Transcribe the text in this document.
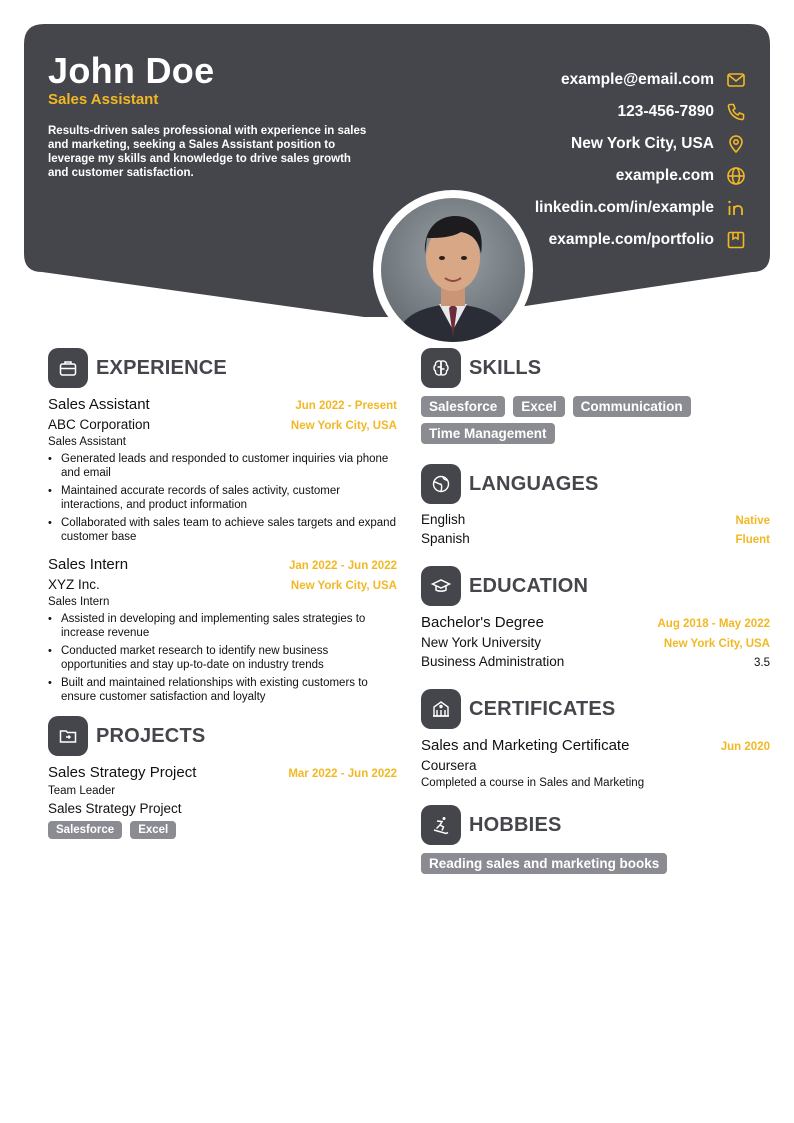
John Doe
Sales Assistant
Results-driven sales professional with experience in sales and marketing, seeking a Sales Assistant position to leverage my skills and knowledge to drive sales growth and customer satisfaction.
example@email.com
123-456-7890
New York City, USA
example.com
linkedin.com/in/example
example.com/portfolio
EXPERIENCE
Sales Assistant	Jun 2022 - Present
ABC Corporation	New York City, USA
Sales Assistant
• Generated leads and responded to customer inquiries via phone and email
• Maintained accurate records of sales activity, customer interactions, and product information
• Collaborated with sales team to achieve sales targets and expand customer base
Sales Intern	Jan 2022 - Jun 2022
XYZ Inc.	New York City, USA
Sales Intern
• Assisted in developing and implementing sales strategies to increase revenue
• Conducted market research to identify new business opportunities and stay up-to-date on industry trends
• Built and maintained relationships with existing customers to ensure customer satisfaction and loyalty
PROJECTS
Sales Strategy Project	Mar 2022 - Jun 2022
Team Leader
Sales Strategy Project
Salesforce	Excel
SKILLS
Salesforce	Excel	Communication
Time Management
LANGUAGES
English	Native
Spanish	Fluent
EDUCATION
Bachelor's Degree	Aug 2018 - May 2022
New York University	New York City, USA
Business Administration	3.5
CERTIFICATES
Sales and Marketing Certificate	Jun 2020
Coursera
Completed a course in Sales and Marketing
HOBBIES
Reading sales and marketing books
